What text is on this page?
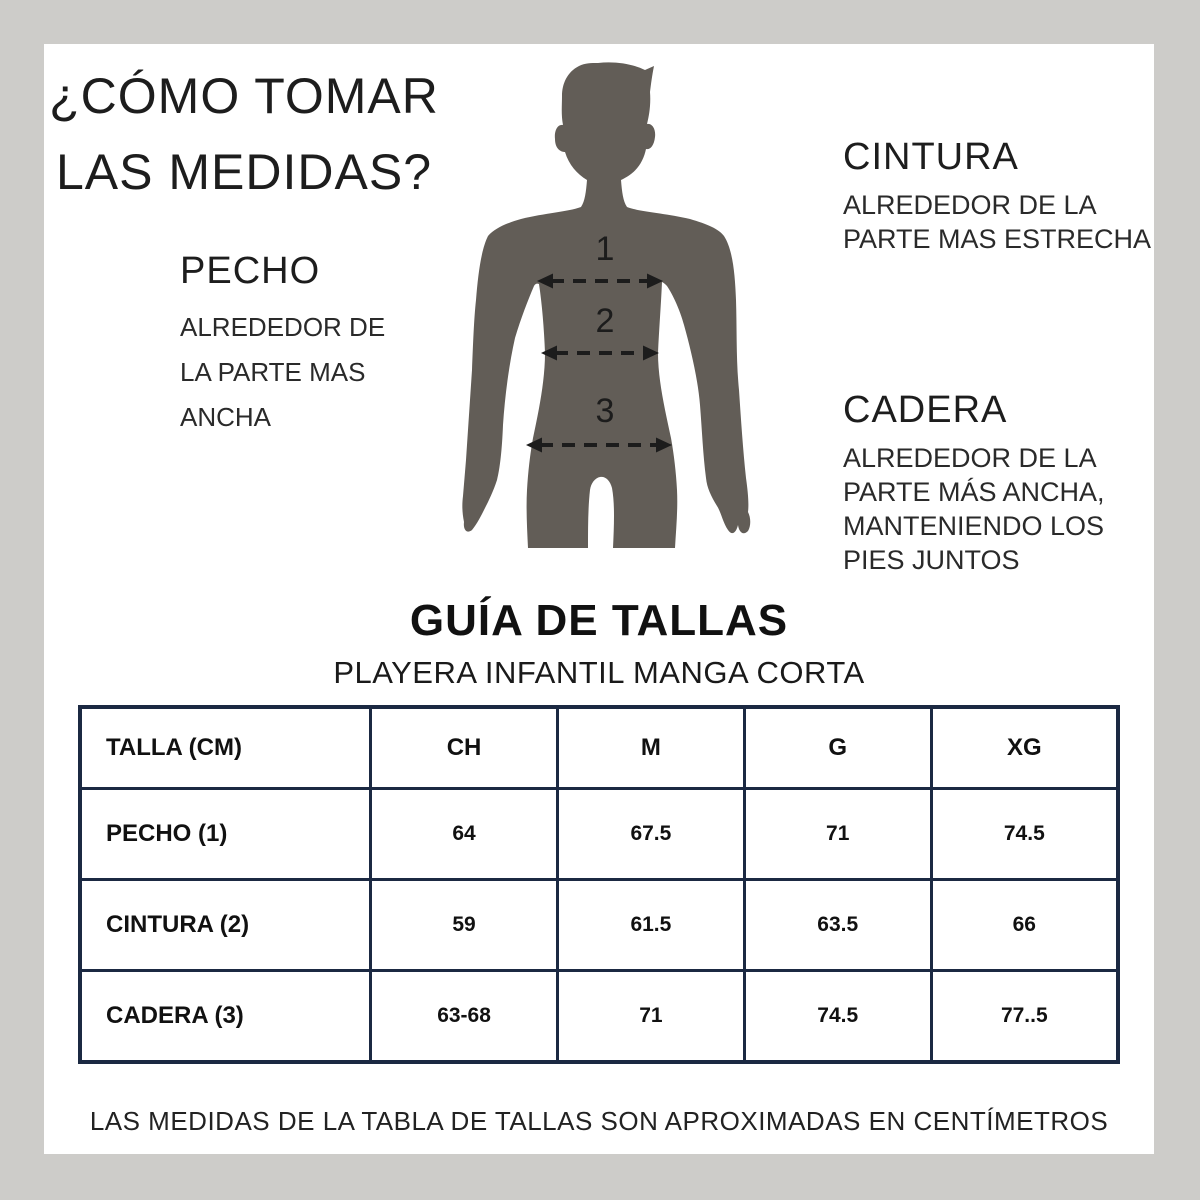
¿CÓMO TOMAR
LAS MEDIDAS?
PECHO
ALREDEDOR DE
LA PARTE MAS
ANCHA
CINTURA
ALREDEDOR DE LA
PARTE MAS ESTRECHA
CADERA
ALREDEDOR DE LA
PARTE MÁS ANCHA,
MANTENIENDO LOS
PIES JUNTOS
1
2
3
GUÍA DE TALLAS
PLAYERA INFANTIL MANGA CORTA
TALLA (CM)	CH	M	G	XG
PECHO (1)	64	67.5	71	74.5
CINTURA (2)	59	61.5	63.5	66
CADERA (3)	63-68	71	74.5	77..5
LAS MEDIDAS DE LA TABLA DE TALLAS SON APROXIMADAS EN CENTÍMETROS
